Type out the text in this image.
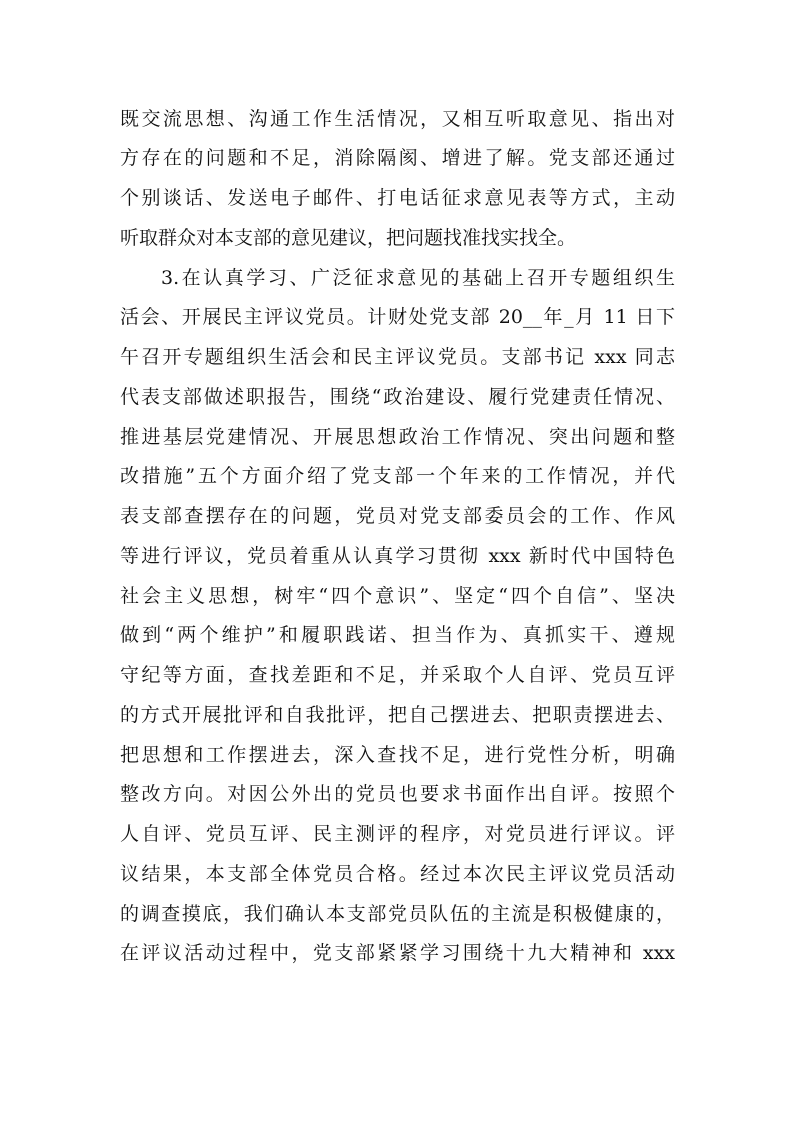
既交流思想、沟通工作生活情况，又相互听取意见、指出对
方存在的问题和不足，消除隔阂、增进了解。党支部还通过
个别谈话、发送电子邮件、打电话征求意见表等方式，主动
听取群众对本支部的意见建议，把问题找准找实找全。
3.在认真学习、广泛征求意见的基础上召开专题组织生
活会、开展民主评议党员。计财处党支部 20__年_月 11 日下
午召开专题组织生活会和民主评议党员。支部书记 xxx 同志
代表支部做述职报告，围绕“政治建设、履行党建责任情况、
推进基层党建情况、开展思想政治工作情况、突出问题和整
改措施”五个方面介绍了党支部一个年来的工作情况，并代
表支部查摆存在的问题，党员对党支部委员会的工作、作风
等进行评议，党员着重从认真学习贯彻 xxx 新时代中国特色
社会主义思想，树牢“四个意识”、坚定“四个自信”、坚决
做到“两个维护”和履职践诺、担当作为、真抓实干、遵规
守纪等方面，查找差距和不足，并采取个人自评、党员互评
的方式开展批评和自我批评，把自己摆进去、把职责摆进去、
把思想和工作摆进去，深入查找不足，进行党性分析，明确
整改方向。对因公外出的党员也要求书面作出自评。按照个
人自评、党员互评、民主测评的程序，对党员进行评议。评
议结果，本支部全体党员合格。经过本次民主评议党员活动
的调查摸底，我们确认本支部党员队伍的主流是积极健康的，
在评议活动过程中，党支部紧紧学习围绕十九大精神和 xxx
